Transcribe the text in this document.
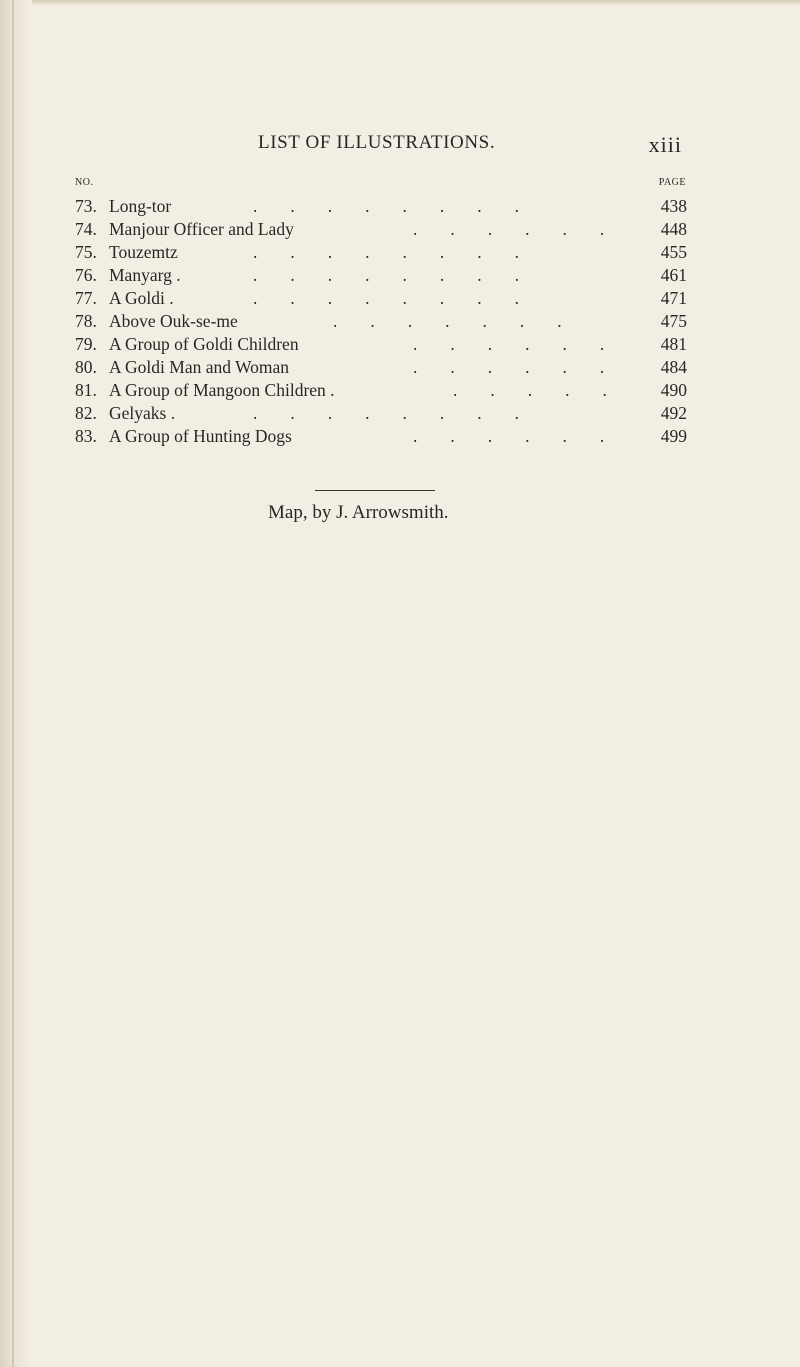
LIST OF ILLUSTRATIONS.	xiii
NO.	PAGE
73. Long-tor	........	438
74. Manjour Officer and Lady	...... 448
75. Touzemtz	........	455
76. Manyarg .	........	461
77. A Goldi .	........	471
78. Above Ouk-se-me	.......	475
79. A Group of Goldi Children	...... 481
80. A Goldi Man and Woman	...... 484
81. A Group of Mangoon Children .	..... 490
82. Gelyaks .	........	492
83. A Group of Hunting Dogs	...... 499
Map, by J. Arrowsmith.
